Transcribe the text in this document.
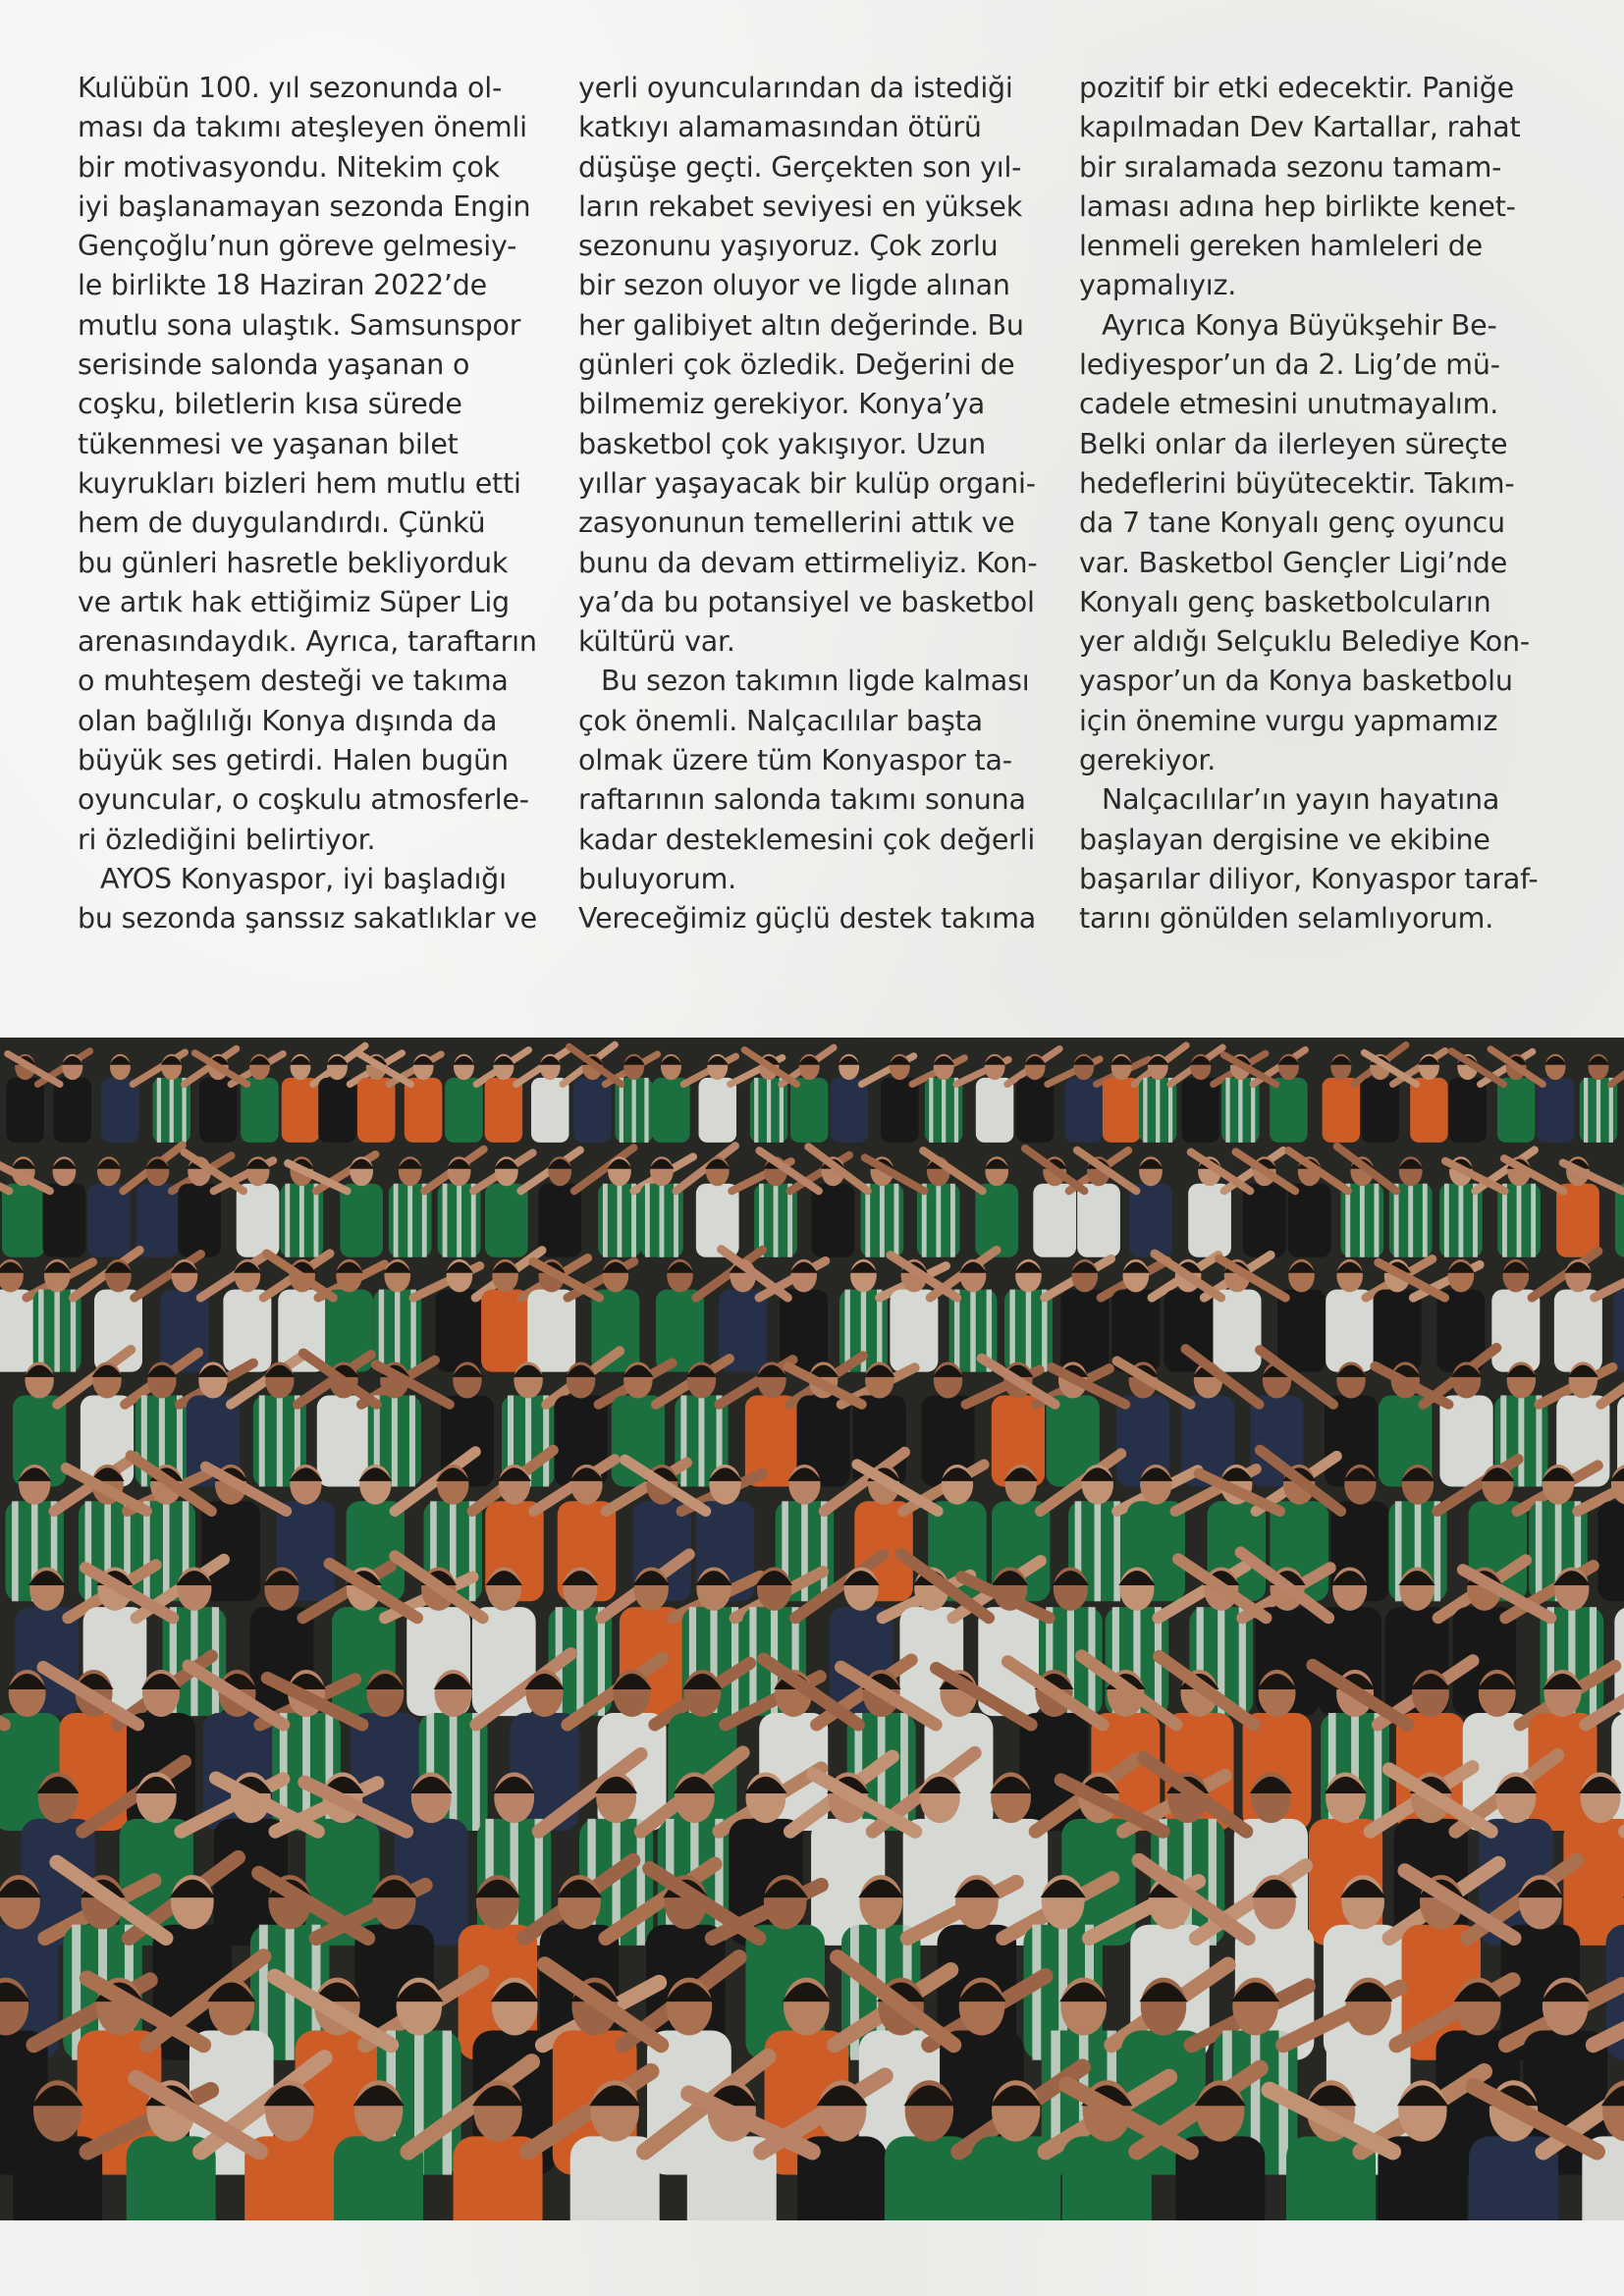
Kulübün 100. yıl sezonunda ol-
ması da takımı ateşleyen önemli
bir motivasyondu. Nitekim çok
iyi başlanamayan sezonda Engin
Gençoğlu’nun göreve gelmesiy-
le birlikte 18 Haziran 2022’de
mutlu sona ulaştık. Samsunspor
serisinde salonda yaşanan o
coşku, biletlerin kısa sürede
tükenmesi ve yaşanan bilet
kuyrukları bizleri hem mutlu etti
hem de duygulandırdı. Çünkü
bu günleri hasretle bekliyorduk
ve artık hak ettiğimiz Süper Lig
arenasındaydık. Ayrıca, taraftarın
o muhteşem desteği ve takıma
olan bağlılığı Konya dışında da
büyük ses getirdi. Halen bugün
oyuncular, o coşkulu atmosferle-
ri özlediğini belirtiyor.

AYOS Konyaspor, iyi başladığı
bu sezonda şanssız sakatlıklar ve

yerli oyuncularından da istediği
katkıyı alamamasından ötürü
düşüşe geçti. Gerçekten son yıl-
ların rekabet seviyesi en yüksek
sezonunu yaşıyoruz. Çok zorlu
bir sezon oluyor ve ligde alınan
her galibiyet altın değerinde. Bu
günleri çok özledik. Değerini de
bilmemiz gerekiyor. Konya’ya
basketbol çok yakışıyor. Uzun
yıllar yaşayacak bir kulüp organi-
zasyonunun temellerini attık ve
bunu da devam ettirmeliyiz. Kon-
ya’da bu potansiyel ve basketbol
kültürü var.

Bu sezon takımın ligde kalması
çok önemli. Nalçacılılar başta
olmak üzere tüm Konyaspor ta-
raftarının salonda takımı sonuna
kadar desteklemesini çok değerli
buluyorum.

Vereceğimiz güçlü destek takıma

pozitif bir etki edecektir. Paniğe
kapılmadan Dev Kartallar, rahat
bir sıralamada sezonu tamam-
laması adına hep birlikte kenet-
lenmeli gereken hamleleri de
yapmalıyız.

Ayrıca Konya Büyükşehir Be-
lediyespor’un da 2. Lig’de mü-
cadele etmesini unutmayalım.
Belki onlar da ilerleyen süreçte
hedeflerini büyütecektir. Takım-
da 7 tane Konyalı genç oyuncu
var. Basketbol Gençler Ligi’nde
Konyalı genç basketbolcuların
yer aldığı Selçuklu Belediye Kon-
yaspor’un da Konya basketbolu
için önemine vurgu yapmamız
gerekiyor.

Nalçacılılar’ın yayın hayatına
başlayan dergisine ve ekibine
başarılar diliyor, Konyaspor taraf-
tarını gönülden selamlıyorum.
